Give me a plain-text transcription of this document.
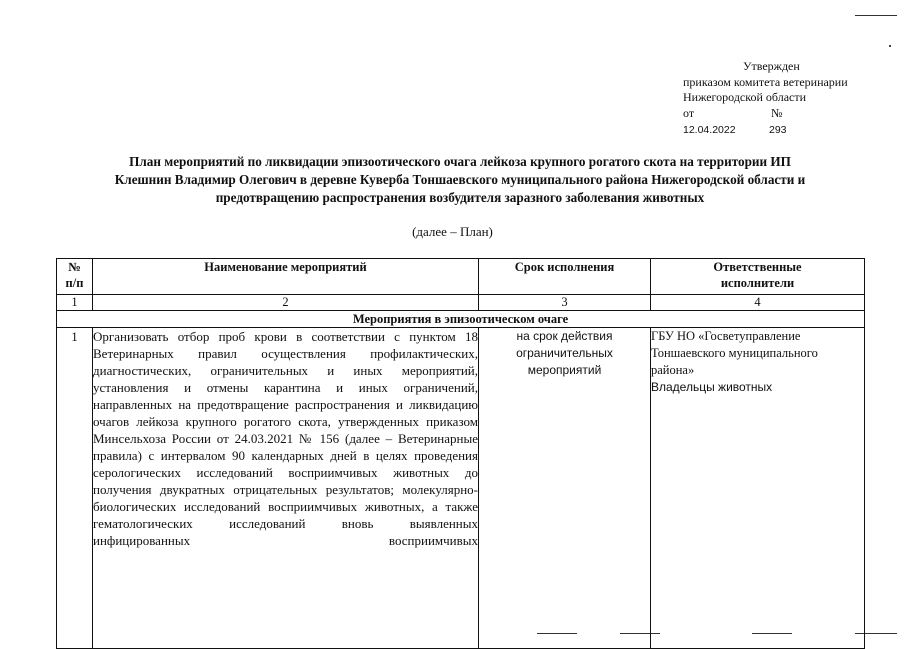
Утвержден
приказом комитета ветеринарии
Нижегородской области
от	№
12.04.2022	293
План мероприятий по ликвидации эпизоотического очага лейкоза крупного рогатого скота на территории ИП
Клешнин Владимир Олегович в деревне Куверба Тоншаевского муниципального района Нижегородской области и
предотвращению распространения возбудителя заразного заболевания животных
(далее – План)
№ п/п	Наименование мероприятий	Срок исполнения	Ответственные исполнители

1	2	3	4
Мероприятия в эпизоотическом очаге			
1	Организовать отбор проб крови в соответствии с пунктом 18 Ветеринарных правил осуществления профилактических, диагностических, ограничительных и иных мероприятий, установления и отмены карантина и иных ограничений, направленных на предотвращение распространения и ликвидацию очагов лейкоза крупного рогатого скота, утвержденных приказом Минсельхоза России от 24.03.2021 № 156 (далее – Ветеринарные правила) с интервалом 90 календарных дней в целях проведения серологических исследований восприимчивых животных до получения двукратных отрицательных результатов; молекулярно-биологических исследований восприимчивых животных, а также гематологических исследований вновь выявленных инфицированных восприимчивых	на срок действия ограничительных мероприятий	ГБУ НО «Госветуправление Тоншаевского муниципального района»
Владельцы животных
